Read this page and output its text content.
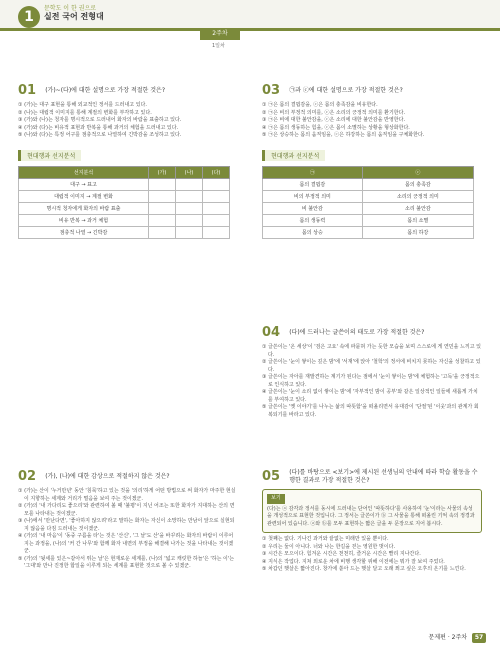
1
문학도 이 한 권으로
실전 국어 전형대
2주차
1일차
01 (가)~(다)에 대한 설명으로 가장 적절한 것은?
① (가)는 대구 표현을 통해 외교적인 정서를 드러내고 있다.
② (나)는 대립적 이미지를 통해 계절의 변화를 부각하고 있다.
③ (가)와 (나)는 청자를 명시적으로 드러내어 화자의 바람을 표출하고 있다.
④ (가)와 (다)는 비유적 표현과 반복을 통해 과거의 체험을 드러내고 있다.
⑤ (나)와 (다)는 특정 어구를 점층적으로 나열하여 긴박감을 조성하고 있다.
현대행과 선지분석
선지분석	(가)	(나)	(다)
대구 → 표고			
대립적 이미지 → 계절 변화			
명시적 청자에게 화자의 바람 표출			
비유 반복 → 과거 체험			
점층적 나열 → 긴박감			
03 ㉠과 ⓒ에 대한 설명으로 가장 적절한 것은?
① ㉠은 몸의 결핍감을, ⓒ은 몸의 충족감을 비유한다.
② ㉠은 비의 부정적 의미를, ⓒ은 소리의 긍정적 의미를 환기한다.
③ ㉠은 비에 대한 불안감을, ⓒ은 소리에 대한 불안감을 반영한다.
④ ㉠은 몸의 생동하는 힘을, ⓒ은 몸이 소멸하는 상황을 형상화한다.
⑤ ㉠은 상승하는 몸의 움직임을, ⓒ은 하강하는 몸의 움직임을 구체화한다.
현대행과 선지분석
㉠	ⓒ
몸의 결핍감	몸의 충족감
비의 부정적 의미	소리의 긍정적 의미
비 불안감	소리 불안감
몸의 생동력	몸의 소멸
몸의 상승	몸의 하강
04 (다)에 드러나는 글쓴이의 태도로 가장 적절한 것은?
① 글쓴이는 '온 세상'이 '검은 고요' 속에 파묻혀 가는 듯한 모습을 보며 스스로에 게 연민을 느끼고 있다.
② 글쓴이는 '눈이 쌓이는 깊은 밤'에 '서재'에 앉아 '철학'의 정서에 비치지 못하는 자신을 성찰하고 있다.
③ 글쓴이는 자아를 재발견하는 계기가 된다는 점에서 '눈이 쌓이는 밤'에 체험하는 '고독'을 긍정적으로 인식하고 있다.
④ 글쓴이는 '눈이 소리 없이 쌓이는 밤'에 '자부적인 밤이 공부'와 같은 일상적인 일들에 새롭게 가치를 부여하고 있다.
⑤ 글쓴이는 '옛 이야기'를 나누는 삶의 따뜻함'을 떠올리면서 유대감이 '단절'된 '이웃'과의 관계가 회복되기를 바라고 있다.
02 (가), (나)에 대한 감상으로 적절하지 않은 것은?
① (가)는 산이 '누거만년' 동안 '침묵'하고 있는 것을 '의리'하게 어떤 방법으로 써 화자가 마주한 현실이 지향하는 세계와 거리가 멀음을 보여 주는 것이겠군.
② (가)의 '내 가다리도 좋으리'와 관련하여 볼 때 '불평'이 지닌 어조는 또한 화자가 지대하는 산의 면모를 나타내는 것이겠군.
③ (나)에서 '만난다면', '좋아하지 않으려'라고 말하는 화자는 자신이 소망하는 만남이 앞으로 실현되지 않음을 다짐 드러내는 것이겠군.
④ (가)의 '내 마음'이 '동중 구름을 타'는 것은 '산신', '그 날'도 산'을 바꾸려는 화자의 바람이 이루어지는 과정을, (나)의 '커 간 나무'와 함께 화자 내면의 부정을 해결해 나가는 것을 나타내는 것이겠군.
⑤ (가)의 '뒷세를 있은~같아서 뛰는 날'은 현재로운 세계를, (나)의 '넓고 캐릿한 하늘'은 '하는 이'는 '그대'와 만나 진정한 합일을 이루게 되는 세계를 표현한 것으로 볼 수 있겠군.
05 (다)를 바탕으로 <보기>에 제시된 선생님의 안내에 따라 학습 활동을 수행한 결과로 가장 적절한 것은?
보기
(다)는 ⓐ 감각과 정서를 동시에 드러내는 단어인 '따뜻하다'를 사용하여 '눈'이라는 사물의 속성을 개성적으로 표현한 것입니다. 그 정서는 글쓴이가 ⓑ 그 사물을 통해 떠올린 기억 속의 정경과 관련되어 있습니다. ⓐ와 ⓑ를 모두 표현하는 짧은 글을 두 문장으로 지어 봅시다.
① 첫째는 없다. 기나긴 과거와 끝없는 미래만 있을 뿐이다.
② 우리는 둘이 아니다. 너와 나는 한길을 걷는 영원한 벗이다.
③ 시간은 모으이다. 힘겨운 시간은 천천히, 즐거운 시간은 빨리 지나간다.
④ 지식은 작업다. 지쳐 외로운 차에 비행 생각할 위해 이전에는 뭐가 잘 보여 주었다.
⑤ 차갑던 햇살은 짧아진다. 창가에 쏟아 드는 햇살 달고 오래 쬐고 싶은 오후의 온기를 느낀다.
문제편 · 2주차 57
